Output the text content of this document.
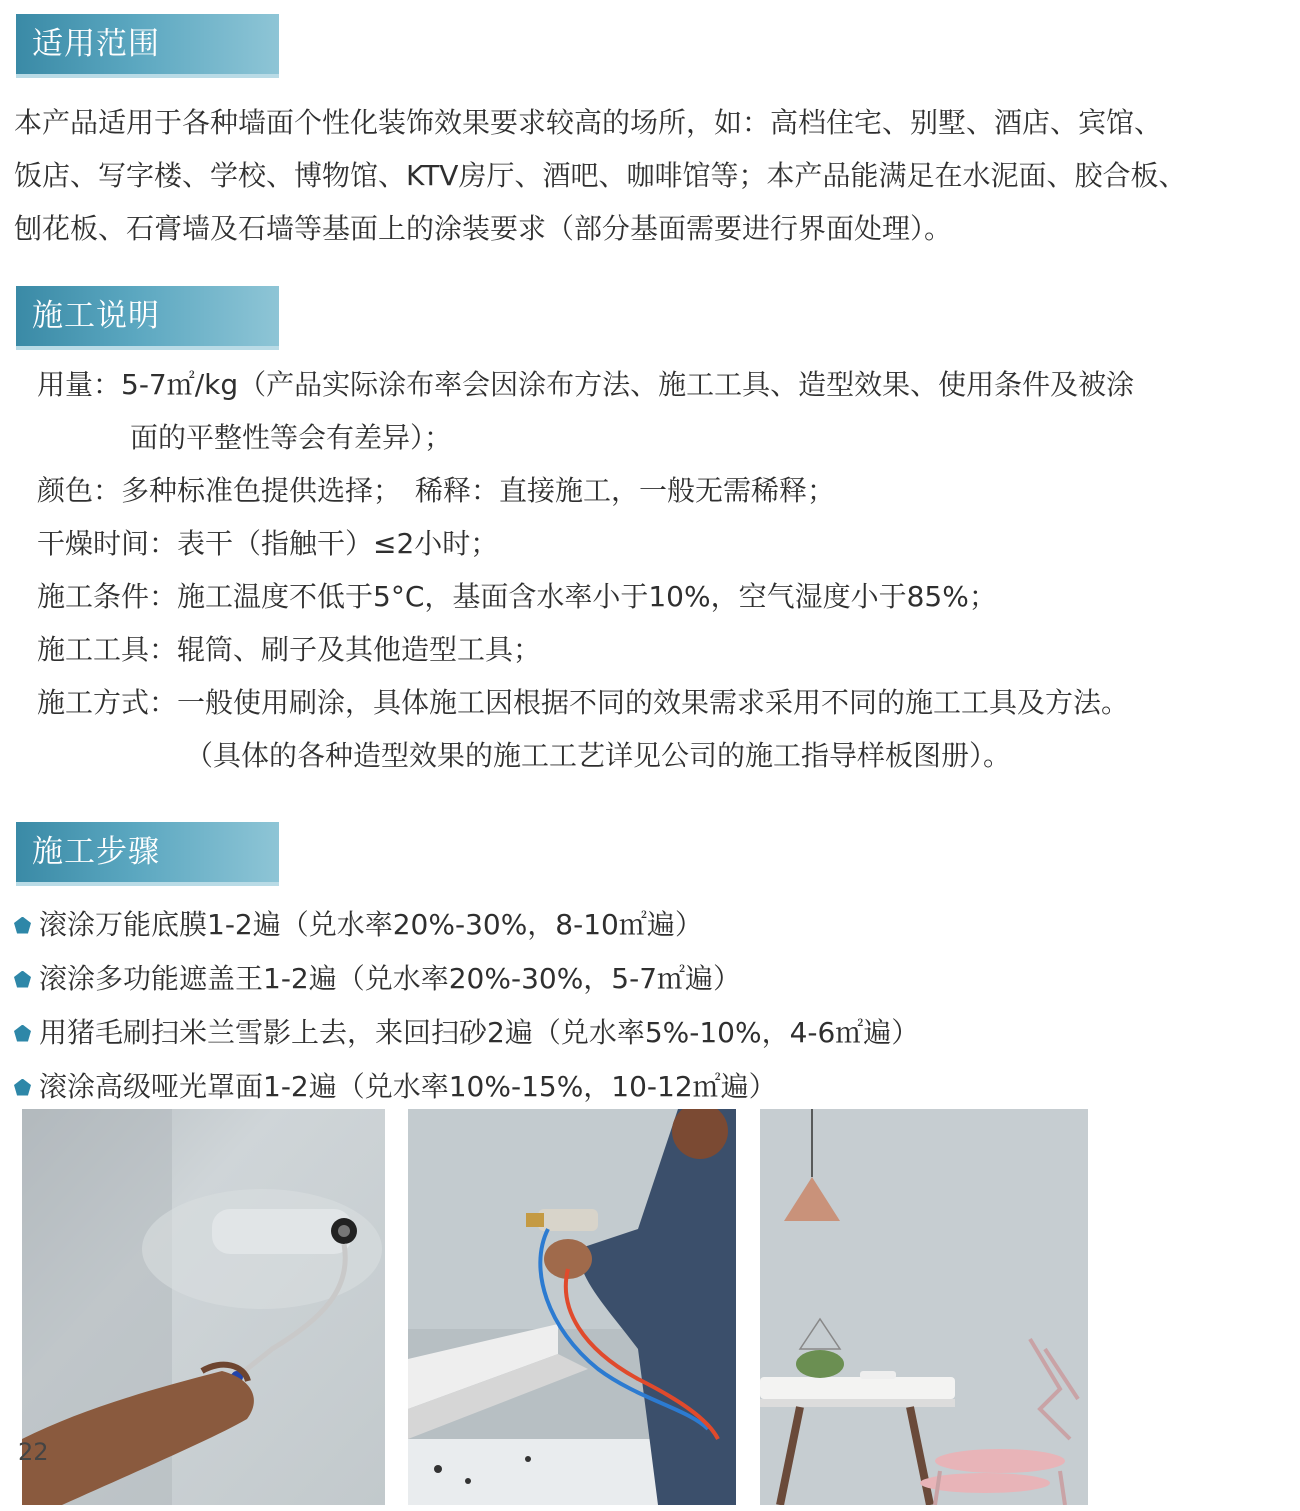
适用范围

本产品适用于各种墙面个性化装饰效果要求较高的场所，如：高档住宅、别墅、酒店、宾馆、
饭店、写字楼、学校、博物馆、KTV房厅、酒吧、咖啡馆等；本产品能满足在水泥面、胶合板、
刨花板、石膏墙及石墙等基面上的涂装要求（部分基面需要进行界面处理）。

施工说明

用量：5-7㎡/kg（产品实际涂布率会因涂布方法、施工工具、造型效果、使用条件及被涂
面的平整性等会有差异）；
颜色：多种标准色提供选择；　稀释：直接施工，一般无需稀释；
干燥时间：表干（指触干）≤2小时；
施工条件：施工温度不低于5°C，基面含水率小于10%，空气湿度小于85%；
施工工具：辊筒、刷子及其他造型工具；
施工方式：一般使用刷涂，具体施工因根据不同的效果需求采用不同的施工工具及方法。
（具体的各种造型效果的施工工艺详见公司的施工指导样板图册）。

施工步骤
滚涂万能底膜1-2遍（兑水率20%-30%，8-10㎡遍）
滚涂多功能遮盖王1-2遍（兑水率20%-30%，5-7㎡遍）
用猪毛刷扫米兰雪影上去，来回扫砂2遍（兑水率5%-10%，4-6㎡遍）
滚涂高级哑光罩面1-2遍（兑水率10%-15%，10-12㎡遍）
22
